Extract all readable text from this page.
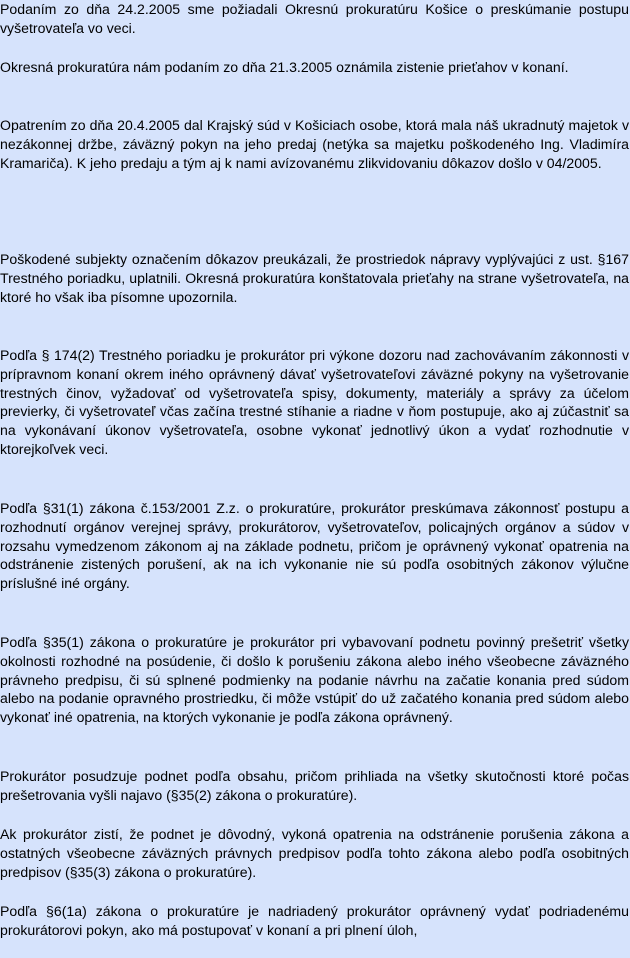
Podaním zo dňa 24.2.2005 sme požiadali Okresnú prokuratúru Košice o preskúmanie postupu vyšetrovateľa vo veci.

Okresná prokuratúra nám podaním zo dňa 21.3.2005 oznámila zistenie prieťahov v konaní.

Opatrením zo dňa 20.4.2005 dal Krajský súd v Košiciach osobe, ktorá mala náš ukradnutý majetok v nezákonnej držbe, záväzný pokyn na jeho predaj (netýka sa majetku poškodeného Ing. Vladimíra Kramariča). K jeho predaju a tým aj k nami avízovanému zlikvidovaniu dôkazov došlo v 04/2005.

Poškodené subjekty označením dôkazov preukázali, že prostriedok nápravy vyplývajúci z ust. §167 Trestného poriadku, uplatnili. Okresná prokuratúra konštatovala prieťahy na strane vyšetrovateľa, na ktoré ho však iba písomne upozornila.

Podľa § 174(2) Trestného poriadku je prokurátor pri výkone dozoru nad zachovávaním zákonnosti v prípravnom konaní okrem iného oprávnený dávať vyšetrovateľovi záväzné pokyny na vyšetrovanie trestných činov, vyžadovať od vyšetrovateľa spisy, dokumenty, materiály a správy za účelom previerky, či vyšetrovateľ včas začína trestné stíhanie a riadne v ňom postupuje, ako aj zúčastniť sa na vykonávaní úkonov vyšetrovateľa, osobne vykonať jednotlivý úkon a vydať rozhodnutie v ktorejkoľvek veci.

Podľa §31(1) zákona č.153/2001 Z.z. o prokuratúre, prokurátor preskúmava zákonnosť postupu a rozhodnutí orgánov verejnej správy, prokurátorov, vyšetrovateľov, policajných orgánov a súdov v rozsahu vymedzenom zákonom aj na základe podnetu, pričom je oprávnený vykonať opatrenia na odstránenie zistených porušení, ak na ich vykonanie nie sú podľa osobitných zákonov výlučne príslušné iné orgány.

Podľa §35(1) zákona o prokuratúre je prokurátor pri vybavovaní podnetu povinný prešetriť všetky okolnosti rozhodné na posúdenie, či došlo k porušeniu zákona alebo iného všeobecne záväzného právneho predpisu, či sú splnené podmienky na podanie návrhu na začatie konania pred súdom alebo na podanie opravného prostriedku, či môže vstúpiť do už začatého konania pred súdom alebo vykonať iné opatrenia, na ktorých vykonanie je podľa zákona oprávnený.

Prokurátor posudzuje podnet podľa obsahu, pričom prihliada na všetky skutočnosti ktoré počas prešetrovania vyšli najavo (§35(2) zákona o prokuratúre).

Ak prokurátor zistí, že podnet je dôvodný, vykoná opatrenia na odstránenie porušenia zákona a ostatných všeobecne záväzných právnych predpisov podľa tohto zákona alebo podľa osobitných predpisov (§35(3) zákona o prokuratúre).

Podľa §6(1a) zákona o prokuratúre je nadriadený prokurátor oprávnený vydať podriadenému prokurátorovi pokyn, ako má postupovať v konaní a pri plnení úloh,
